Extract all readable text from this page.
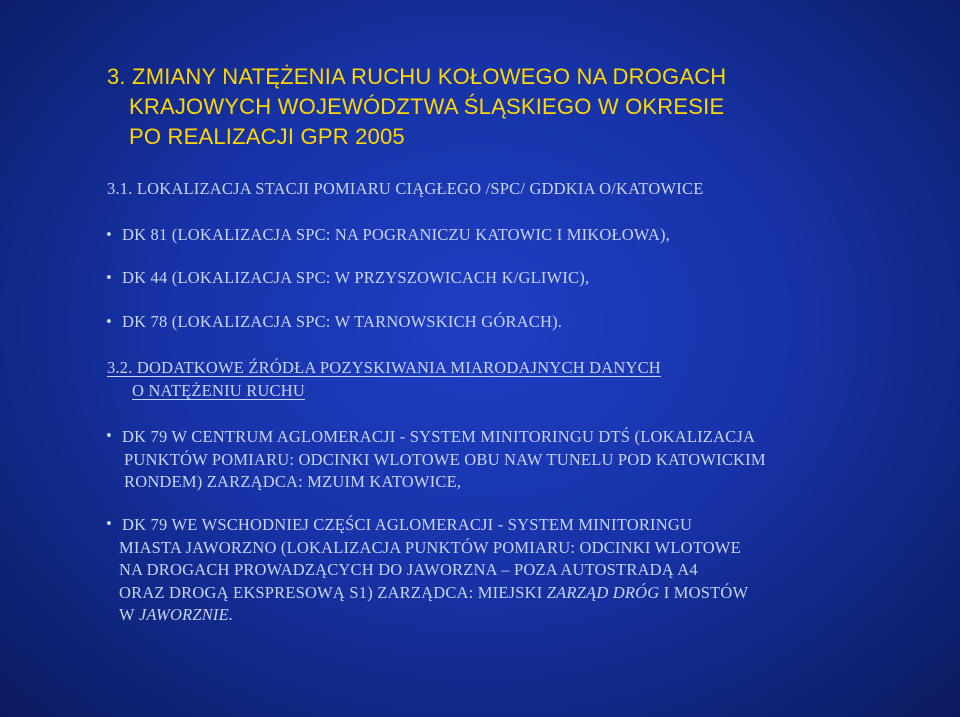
3. ZMIANY NATĘŻENIA RUCHU KOŁOWEGO NA DROGACH
KRAJOWYCH WOJEWÓDZTWA ŚLĄSKIEGO W OKRESIE
PO REALIZACJI GPR 2005
3.1. LOKALIZACJA STACJI POMIARU CIĄGŁEGO /SPC/ GDDKIA O/KATOWICE
• DK 81 (LOKALIZACJA SPC: NA POGRANICZU KATOWIC I MIKOŁOWA),
• DK 44 (LOKALIZACJA SPC: W PRZYSZOWICACH K/GLIWIC),
• DK 78 (LOKALIZACJA SPC: W TARNOWSKICH GÓRACH).
3.2. DODATKOWE ŹRÓDŁA POZYSKIWANIA MIARODAJNYCH DANYCH
O NATĘŻENIU RUCHU
• DK 79 W CENTRUM AGLOMERACJI - SYSTEM MINITORINGU DTŚ (LOKALIZACJA
PUNKTÓW POMIARU: ODCINKI WLOTOWE OBU NAW TUNELU POD KATOWICKIM
RONDEM) ZARZĄDCA: MZUIM KATOWICE,
• DK 79 WE WSCHODNIEJ CZĘŚCI AGLOMERACJI - SYSTEM MINITORINGU
MIASTA JAWORZNO (LOKALIZACJA PUNKTÓW POMIARU: ODCINKI WLOTOWE
NA DROGACH PROWADZĄCYCH DO JAWORZNA – POZA AUTOSTRADĄ A4
ORAZ DROGĄ EKSPRESOWĄ S1) ZARZĄDCA: MIEJSKI ZARZĄD DRÓG I MOSTÓW
W JAWORZNIE.
